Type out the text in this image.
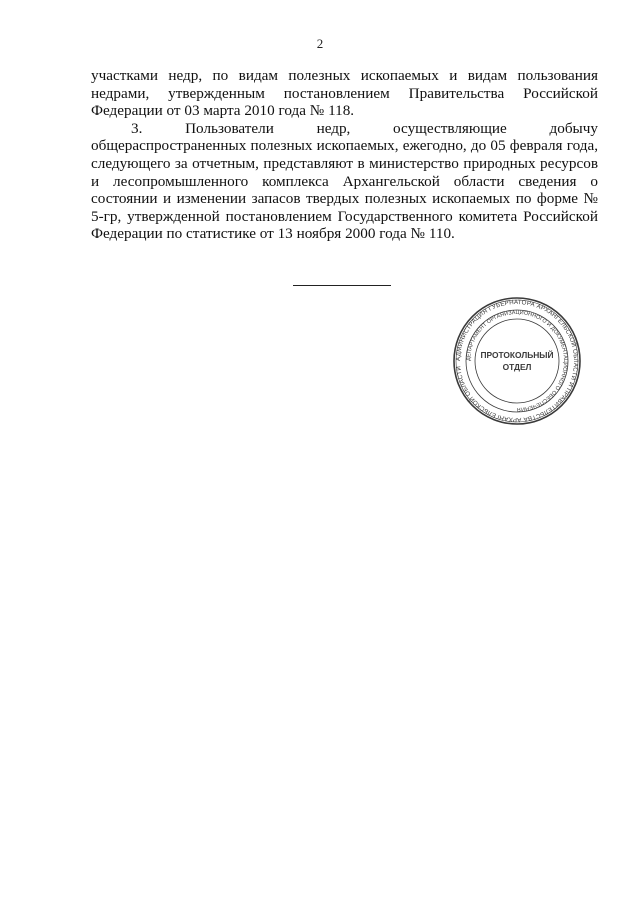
2

участками недр, по видам полезных ископаемых и видам пользования недрами, утвержденным постановлением Правительства Российской Федерации от 03 марта 2010 года № 118.

3. Пользователи недр, осуществляющие добычу общераспространенных полезных ископаемых, ежегодно, до 05 февраля года, следующего за отчетным, представляют в министерство природных ресурсов и лесопромышленного комплекса Архангельской области сведения о состоянии и изменении запасов твердых полезных ископаемых по форме № 5-гр, утвержденной постановлением Государственного комитета Российской Федерации по статистике от 13 ноября 2000 года № 110.

АДМИНИСТРАЦИЯ ГУБЕРНАТОРА АРХАНГЕЛЬСКОЙ ОБЛАСТИ И ПРАВИТЕЛЬСТВА АРХАНГЕЛЬСКОЙ ОБЛАСТИ
ДЕПАРТАМЕНТ ОРГАНИЗАЦИОННОГО И ДОКУМЕНТАЦИОННОГО ОБЕСПЕЧЕНИЯ
ПРОТОКОЛЬНЫЙ
ОТДЕЛ
